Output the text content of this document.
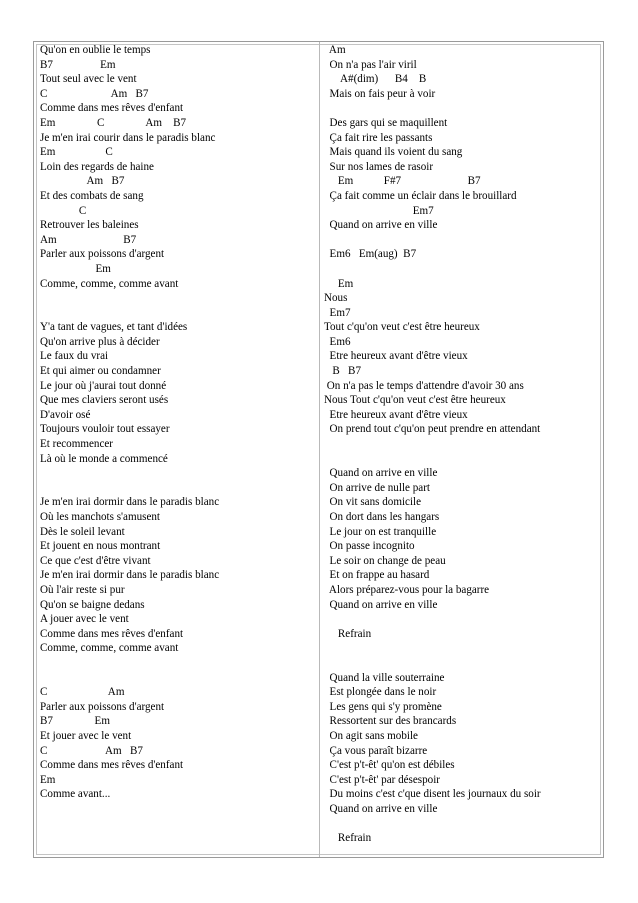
Qu'on en oublie le temps
B7                 Em
Tout seul avec le vent
C                       Am   B7
Comme dans mes rêves d'enfant
Em               C               Am    B7
Je m'en irai courir dans le paradis blanc
Em                  C
Loin des regards de haine
Am   B7
Et des combats de sang
C
Retrouver les baleines
Am                        B7
Parler aux poissons d'argent
Em
Comme, comme, comme avant
Y'a tant de vagues, et tant d'idées
Qu'on arrive plus à décider
Le faux du vrai
Et qui aimer ou condamner
Le jour où j'aurai tout donné
Que mes claviers seront usés
D'avoir osé
Toujours vouloir tout essayer
Et recommencer
Là où le monde a commencé
Je m'en irai dormir dans le paradis blanc
Où les manchots s'amusent
Dès le soleil levant
Et jouent en nous montrant
Ce que c'est d'être vivant
Je m'en irai dormir dans le paradis blanc
Où l'air reste si pur
Qu'on se baigne dedans
A jouer avec le vent
Comme dans mes rêves d'enfant
Comme, comme, comme avant
C                      Am
Parler aux poissons d'argent
B7               Em
Et jouer avec le vent
C                     Am   B7
Comme dans mes rêves d'enfant
Em
Comme avant...
Am
On n'a pas l'air viril
A#(dim)      B4    B
Mais on fais peur à voir
Des gars qui se maquillent
Ça fait rire les passants
Mais quand ils voient du sang
Sur nos lames de rasoir
Em           F#7                        B7
Ça fait comme un éclair dans le brouillard
Em7
Quand on arrive en ville
Em6   Em(aug)  B7
Em
Nous
Em7
Tout c'qu'on veut c'est être heureux
Em6
Etre heureux avant d'être vieux
B   B7
On n'a pas le temps d'attendre d'avoir 30 ans
Nous Tout c'qu'on veut c'est être heureux
Etre heureux avant d'être vieux
On prend tout c'qu'on peut prendre en attendant
Quand on arrive en ville
On arrive de nulle part
On vit sans domicile
On dort dans les hangars
Le jour on est tranquille
On passe incognito
Le soir on change de peau
Et on frappe au hasard
Alors préparez-vous pour la bagarre
Quand on arrive en ville
Refrain
Quand la ville souterraine
Est plongée dans le noir
Les gens qui s'y promène
Ressortent sur des brancards
On agit sans mobile
Ça vous paraît bizarre
C'est p't-êt' qu'on est débiles
C'est p't-êt' par désespoir
Du moins c'est c'que disent les journaux du soir
Quand on arrive en ville
Refrain
